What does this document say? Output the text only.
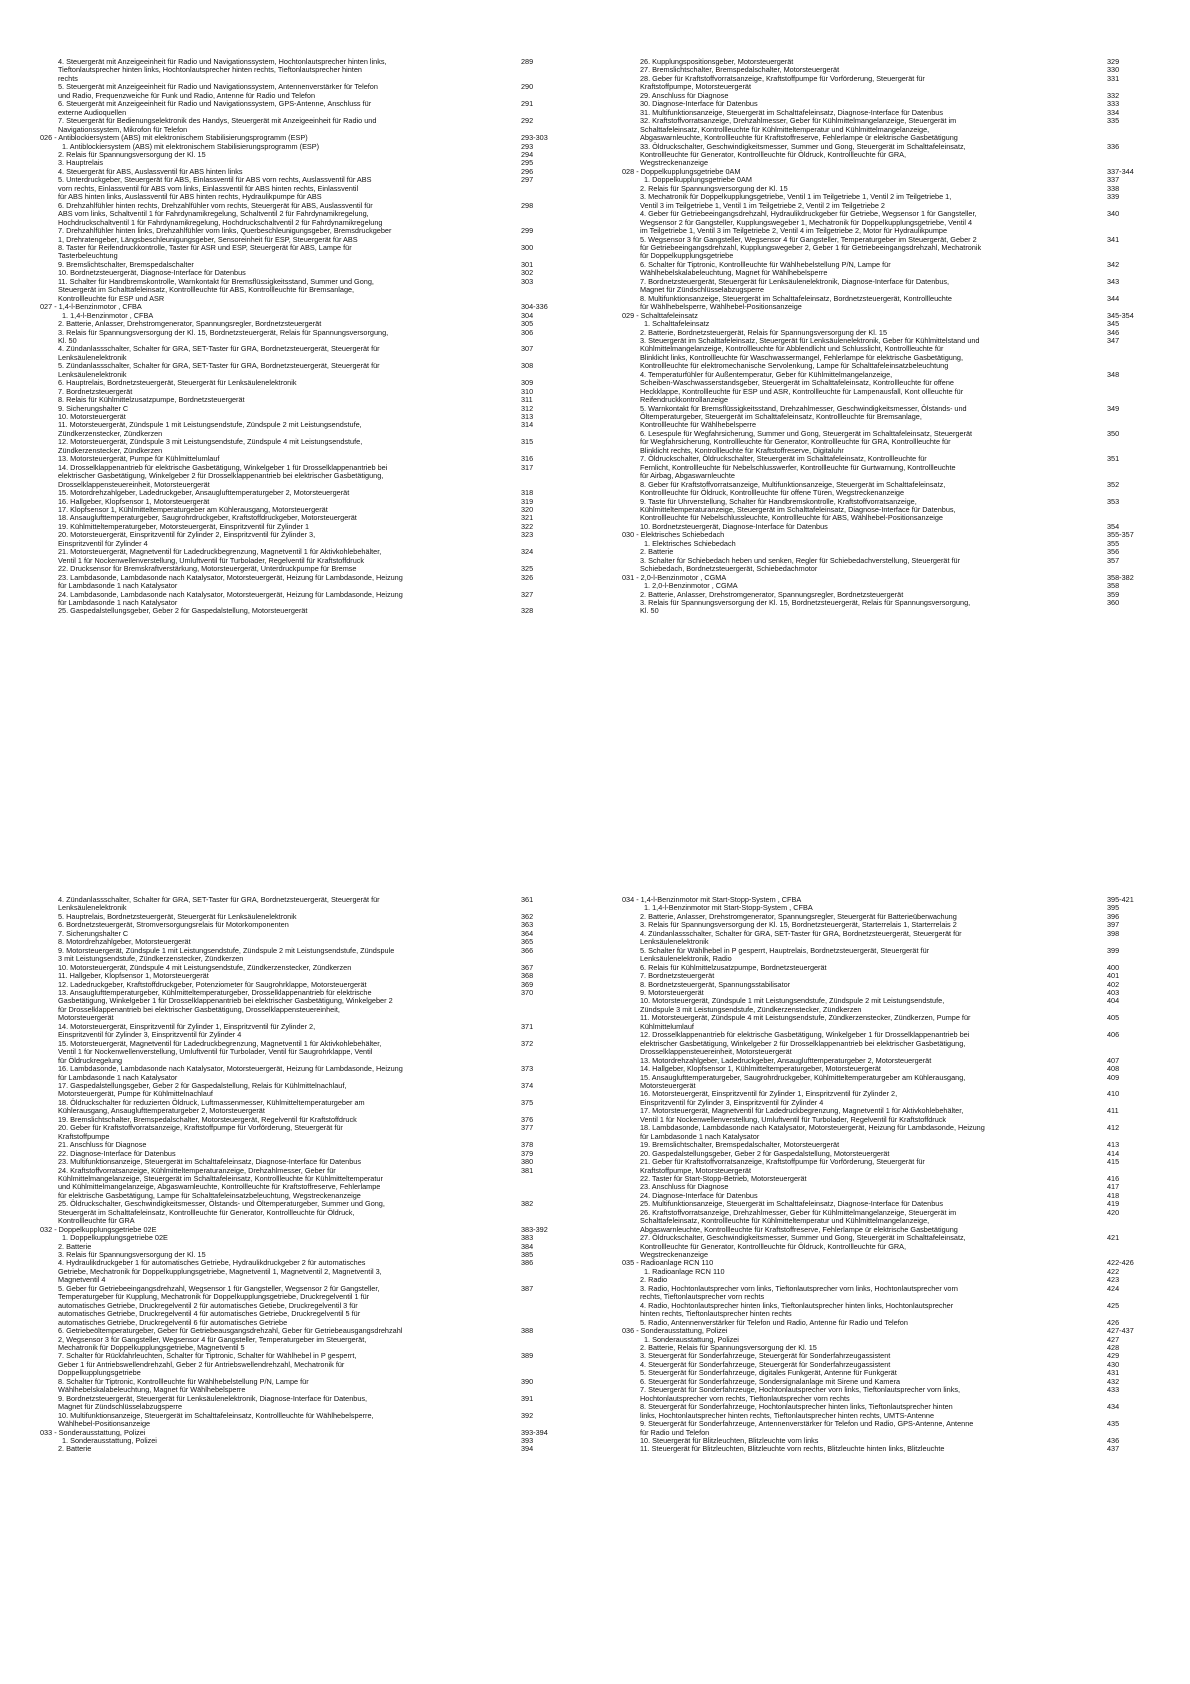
4. Steuergerät mit Anzeigeeinheit für Radio und Navigationssystem, Hochtonlautsprecher hinten links,
Tieftonlautsprecher hinten links, Hochtonlautsprecher hinten rechts, Tieftonlautsprecher hinten
rechts
289
5. Steuergerät mit Anzeigeeinheit für Radio und Navigationssystem, Antennenverstärker für Telefon
und Radio, Frequenzweiche für Funk und Radio, Antenne für Radio und Telefon
290
6. Steuergerät mit Anzeigeeinheit für Radio und Navigationssystem, GPS-Antenne, Anschluss für
externe Audioquellen
291
7. Steuergerät für Bedienungselektronik des Handys, Steuergerät mit Anzeigeeinheit für Radio und
Navigationssystem, Mikrofon für Telefon
292
026 - Antiblockiersystem (ABS) mit elektronischem Stabilisierungsprogramm (ESP)	293-303
1. Antiblockiersystem (ABS) mit elektronischem Stabilisierungsprogramm (ESP)	293
2. Relais für Spannungsversorgung der Kl. 15	294
3. Hauptrelais	295
4. Steuergerät für ABS, Auslassventil für ABS hinten links	296
5. Unterdruckgeber, Steuergerät für ABS, Einlassventil für ABS vorn rechts, Auslassventil für ABS
vorn rechts, Einlassventil für ABS vorn links, Einlassventil für ABS hinten rechts, Einlassventil
für ABS hinten links, Auslassventil für ABS hinten rechts, Hydraulikpumpe für ABS
297
6. Drehzahlfühler hinten rechts, Drehzahlfühler vorn rechts, Steuergerät für ABS, Auslassventil für
ABS vorn links, Schaltventil 1 für Fahrdynamikregelung, Schaltventil 2 für Fahrdynamikregelung,
Hochdruckschaltventil 1 für Fahrdynamikregelung, Hochdruckschaltventil 2 für Fahrdynamikregelung
298
7. Drehzahlfühler hinten links, Drehzahlfühler vorn links, Querbeschleunigungsgeber, Bremsdruckgeber
1, Drehratengeber, Längsbeschleunigungsgeber, Sensoreinheit für ESP, Steuergerät für ABS
299
8. Taster für Reifendruckkontrolle, Taster für ASR und ESP, Steuergerät für ABS, Lampe für
Tasterbeleuchtung
300
9. Bremslichtschalter, Bremspedalschalter	301
10. Bordnetzsteuergerät, Diagnose-Interface für Datenbus	302
11. Schalter für Handbremskontrolle, Warnkontakt für Bremsflüssigkeitsstand, Summer und Gong,
Steuergerät im Schalttafeleinsatz, Kontrollleuchte für ABS, Kontrollleuchte für Bremsanlage,
Kontrollleuchte für ESP und ASR
303
027 - 1,4-l-Benzinmotor , CFBA	304-336
1. 1,4-l-Benzinmotor , CFBA	304
2. Batterie, Anlasser, Drehstromgenerator, Spannungsregler, Bordnetzsteuergerät	305
3. Relais für Spannungsversorgung der Kl. 15, Bordnetzsteuergerät, Relais für Spannungsversorgung,
Kl. 50
306
4. Zündanlassschalter, Schalter für GRA, SET-Taster für GRA, Bordnetzsteuergerät, Steuergerät für
Lenksäulenelektronik
307
5. Zündanlassschalter, Schalter für GRA, SET-Taster für GRA, Bordnetzsteuergerät, Steuergerät für
Lenksäulenelektronik
308
6. Hauptrelais, Bordnetzsteuergerät, Steuergerät für Lenksäulenelektronik	309
7. Bordnetzsteuergerät	310
8. Relais für Kühlmittelzusatzpumpe, Bordnetzsteuergerät	311
9. Sicherungshalter C	312
10. Motorsteuergerät	313
11. Motorsteuergerät, Zündspule 1 mit Leistungsendstufe, Zündspule 2 mit Leistungsendstufe,
Zündkerzenstecker, Zündkerzen
314
12. Motorsteuergerät, Zündspule 3 mit Leistungsendstufe, Zündspule 4 mit Leistungsendstufe,
Zündkerzenstecker, Zündkerzen
315
13. Motorsteuergerät, Pumpe für Kühlmittelumlauf	316
14. Drosselklappenantrieb für elektrische Gasbetätigung, Winkelgeber 1 für Drosselklappenantrieb bei
elektrischer Gasbetätigung, Winkelgeber 2 für Drosselklappenantrieb bei elektrischer Gasbetätigung,
Drosselklappensteuereinheit, Motorsteuergerät
317
15. Motordrehzahlgeber, Ladedruckgeber, Ansauglufttemperaturgeber 2, Motorsteuergerät	318
16. Hallgeber, Klopfsensor 1, Motorsteuergerät	319
17. Klopfsensor 1, Kühlmitteltemperaturgeber am Kühlerausgang, Motorsteuergerät	320
18. Ansauglufttemperaturgeber, Saugrohrdruckgeber, Kraftstoffdruckgeber, Motorsteuergerät	321
19. Kühlmitteltemperaturgeber, Motorsteuergerät, Einspritzventil für Zylinder 1	322
20. Motorsteuergerät, Einspritzventil für Zylinder 2, Einspritzventil für Zylinder 3,
Einspritzventil für Zylinder 4
323
21. Motorsteuergerät, Magnetventil für Ladedruckbegrenzung, Magnetventil 1 für Aktivkohlebehälter,
Ventil 1 für Nockenwellenverstellung, Umluftventil für Turbolader, Regelventil für Kraftstoffdruck
324
22. Drucksensor für Bremskraftverstärkung, Motorsteuergerät, Unterdruckpumpe für Bremse	325
23. Lambdasonde, Lambdasonde nach Katalysator, Motorsteuergerät, Heizung für Lambdasonde, Heizung
für Lambdasonde 1 nach Katalysator
326
24. Lambdasonde, Lambdasonde nach Katalysator, Motorsteuergerät, Heizung für Lambdasonde, Heizung
für Lambdasonde 1 nach Katalysator
327
25. Gaspedalstellungsgeber, Geber 2 für Gaspedalstellung, Motorsteuergerät	328
26. Kupplungspositionsgeber, Motorsteuergerät	329
27. Bremslichtschalter, Bremspedalschalter, Motorsteuergerät	330
28. Geber für Kraftstoffvorratsanzeige, Kraftstoffpumpe für Vorförderung, Steuergerät für
Kraftstoffpumpe, Motorsteuergerät
331
29. Anschluss für Diagnose	332
30. Diagnose-Interface für Datenbus	333
31. Multifunktionsanzeige, Steuergerät im Schalttafeleinsatz, Diagnose-Interface für Datenbus	334
32. Kraftstoffvorratsanzeige, Drehzahlmesser, Geber für Kühlmittelmangelanzeige, Steuergerät im
Schalttafeleinsatz, Kontrollleuchte für Kühlmitteltemperatur und Kühlmittelmangelanzeige,
Abgaswarnleuchte, Kontrollleuchte für Kraftstoffreserve, Fehlerlampe ür elektrische Gasbetätigung
335
33. Öldruckschalter, Geschwindigkeitsmesser, Summer und Gong, Steuergerät im Schalttafeleinsatz,
Kontrollleuchte für Generator, Kontrollleuchte für Öldruck, Kontrollleuchte für GRA,
Wegstreckenanzeige
336
028 - Doppelkupplungsgetriebe 0AM	337-344
1. Doppelkupplungsgetriebe 0AM	337
2. Relais für Spannungsversorgung der Kl. 15	338
3. Mechatronik für Doppelkupplungsgetriebe, Ventil 1 im Teilgetriebe 1, Ventil 2 im Teilgetriebe 1,
Ventil 3 im Teilgetriebe 1, Ventil 1 im Teilgetriebe 2, Ventil 2 im Teilgetriebe 2
339
4. Geber für Getriebeeingangsdrehzahl, Hydraulikdruckgeber für Getriebe, Wegsensor 1 für Gangsteller,
Wegsensor 2 für Gangsteller, Kupplungswegeber 1, Mechatronik für Doppelkupplungsgetriebe, Ventil 4
im Teilgetriebe 1, Ventil 3 im Teilgetriebe 2, Ventil 4 im Teilgetriebe 2, Motor für Hydraulikpumpe
340
5. Wegsensor 3 für Gangsteller, Wegsensor 4 für Gangsteller, Temperaturgeber im Steuergerät, Geber 2
für Getriebeeingangsdrehzahl, Kupplungswegeber 2, Geber 1 für Getriebeeingangsdrehzahl, Mechatronik
für Doppelkupplungsgetriebe
341
6. Schalter für Tiptronic, Kontrollleuchte für Wählhebelstellung P/N, Lampe für
Wählhebelskalabeleuchtung, Magnet für Wählhebelsperre
342
7. Bordnetzsteuergerät, Steuergerät für Lenksäulenelektronik, Diagnose-Interface für Datenbus,
Magnet für Zündschlüsselabzugsperre
343
8. Multifunktionsanzeige, Steuergerät im Schalttafeleinsatz, Bordnetzsteuergerät, Kontrollleuchte
für Wählhebelsperre, Wählhebel-Positionsanzeige
344
029 - Schalttafeleinsatz	345-354
1. Schalttafeleinsatz	345
2. Batterie, Bordnetzsteuergerät, Relais für Spannungsversorgung der Kl. 15	346
3. Steuergerät im Schalttafeleinsatz, Steuergerät für Lenksäulenelektronik, Geber für Kühlmittelstand und
Kühlmittelmangelanzeige, Kontrollleuchte für Abblendlicht und Schlusslicht, Kontrollleuchte für
Blinklicht links, Kontrollleuchte für Waschwassermangel, Fehlerlampe für elektrische Gasbetätigung,
Kontrollleuchte für elektromechanische Servolenkung, Lampe für Schalttafeleinsatzbeleuchtung
347
4. Temperaturfühler für Außentemperatur, Geber für Kühlmittelmangelanzeige,
Scheiben-Waschwasserstandsgeber, Steuergerät im Schalttafeleinsatz, Kontrollleuchte für offene
Heckklappe, Kontrollleuchte für ESP und ASR, Kontrollleuchte für Lampenausfall, Kont ollleuchte für
Reifendruckkontrollanzeige
348
5. Warnkontakt für Bremsflüssigkeitsstand, Drehzahlmesser, Geschwindigkeitsmesser, Ölstands- und
Öltemperaturgeber, Steuergerät im Schalttafeleinsatz, Kontrollleuchte für Bremsanlage,
Kontrollleuchte für Wählhebelsperre
349
6. Lesespule für Wegfahrsicherung, Summer und Gong, Steuergerät im Schalttafeleinsatz, Steuergerät
für Wegfahrsicherung, Kontrollleuchte für Generator, Kontrollleuchte für GRA, Kontrollleuchte für
Blinklicht rechts, Kontrollleuchte für Kraftstoffreserve, Digitaluhr
350
7. Öldruckschalter, Öldruckschalter, Steuergerät im Schalttafeleinsatz, Kontrollleuchte für
Fernlicht, Kontrollleuchte für Nebelschlusswerfer, Kontrollleuchte für Gurtwarnung, Kontrollleuchte
für Airbag, Abgaswarnleuchte
351
8. Geber für Kraftstoffvorratsanzeige, Multifunktionsanzeige, Steuergerät im Schalttafeleinsatz,
Kontrollleuchte für Öldruck, Kontrollleuchte für offene Türen, Wegstreckenanzeige
352
9. Taste für Uhrverstellung, Schalter für Handbremskontrolle, Kraftstoffvorratsanzeige,
Kühlmitteltemperaturanzeige, Steuergerät im Schalttafeleinsatz, Diagnose-Interface für Datenbus,
Kontrollleuchte für Nebelschlussleuchte, Kontrollleuchte für ABS, Wählhebel-Positionsanzeige
353
10. Bordnetzsteuergerät, Diagnose-Interface für Datenbus	354
030 - Elektrisches Schiebedach	355-357
1. Elektrisches Schiebedach	355
2. Batterie	356
3. Schalter für Schiebedach heben und senken, Regler für Schiebedachverstellung, Steuergerät für
Schiebedach, Bordnetzsteuergerät, Schiebedachmotor
357
031 - 2,0-l-Benzinmotor , CGMA	358-382
1. 2,0-l-Benzinmotor , CGMA	358
2. Batterie, Anlasser, Drehstromgenerator, Spannungsregler, Bordnetzsteuergerät	359
3. Relais für Spannungsversorgung der Kl. 15, Bordnetzsteuergerät, Relais für Spannungsversorgung,
Kl. 50
360
4. Zündanlassschalter, Schalter für GRA, SET-Taster für GRA, Bordnetzsteuergerät, Steuergerät für
Lenksäulenelektronik
361
5. Hauptrelais, Bordnetzsteuergerät, Steuergerät für Lenksäulenelektronik	362
6. Bordnetzsteuergerät, Stromversorgungsrelais für Motorkomponenten	363
7. Sicherungshalter C	364
8. Motordrehzahlgeber, Motorsteuergerät	365
9. Motorsteuergerät, Zündspule 1 mit Leistungsendstufe, Zündspule 2 mit Leistungsendstufe, Zündspule
3 mit Leistungsendstufe, Zündkerzenstecker, Zündkerzen
366
10. Motorsteuergerät, Zündspule 4 mit Leistungsendstufe, Zündkerzenstecker, Zündkerzen	367
11. Hallgeber, Klopfsensor 1, Motorsteuergerät	368
12. Ladedruckgeber, Kraftstoffdruckgeber, Potenziometer für Saugrohrklappe, Motorsteuergerät	369
13. Ansauglufttemperaturgeber, Kühlmitteltemperaturgeber, Drosselklappenantrieb für elektrische
Gasbetätigung, Winkelgeber 1 für Drosselklappenantrieb bei elektrischer Gasbetätigung, Winkelgeber 2
für Drosselklappenantrieb bei elektrischer Gasbetätigung, Drosselklappensteuereinheit,
Motorsteuergerät
370
14. Motorsteuergerät, Einspritzventil für Zylinder 1, Einspritzventil für Zylinder 2,
Einspritzventil für Zylinder 3, Einspritzventil für Zylinder 4
371
15. Motorsteuergerät, Magnetventil für Ladedruckbegrenzung, Magnetventil 1 für Aktivkohlebehälter,
Ventil 1 für Nockenwellenverstellung, Umluftventil für Turbolader, Ventil für Saugrohrklappe, Ventil
für Öldruckregelung
372
16. Lambdasonde, Lambdasonde nach Katalysator, Motorsteuergerät, Heizung für Lambdasonde, Heizung
für Lambdasonde 1 nach Katalysator
373
17. Gaspedalstellungsgeber, Geber 2 für Gaspedalstellung, Relais für Kühlmittelnachlauf,
Motorsteuergerät, Pumpe für Kühlmittelnachlauf
374
18. Öldruckschalter für reduzierten Öldruck, Luftmassenmesser, Kühlmitteltemperaturgeber am
Kühlerausgang, Ansauglufttemperaturgeber 2, Motorsteuergerät
375
19. Bremslichtschalter, Bremspedalschalter, Motorsteuergerät, Regelventil für Kraftstoffdruck	376
20. Geber für Kraftstoffvorratsanzeige, Kraftstoffpumpe für Vorförderung, Steuergerät für
Kraftstoffpumpe
377
21. Anschluss für Diagnose	378
22. Diagnose-Interface für Datenbus	379
23. Multifunktionsanzeige, Steuergerät im Schalttafeleinsatz, Diagnose-Interface für Datenbus	380
24. Kraftstoffvorratsanzeige, Kühlmitteltemperaturanzeige, Drehzahlmesser, Geber für
Kühlmittelmangelanzeige, Steuergerät im Schalttafeleinsatz, Kontrollleuchte für Kühlmitteltemperatur
und Kühlmittelmangelanzeige, Abgaswarnleuchte, Kontrollleuchte für Kraftstoffreserve, Fehlerlampe
für elektrische Gasbetätigung, Lampe für Schalttafeleinsatzbeleuchtung, Wegstreckenanzeige
381
25. Öldruckschalter, Geschwindigkeitsmesser, Ölstands- und Öltemperaturgeber, Summer und Gong,
Steuergerät im Schalttafeleinsatz, Kontrollleuchte für Generator, Kontrollleuchte für Öldruck,
Kontrollleuchte für GRA
382
032 - Doppelkupplungsgetriebe 02E	383-392
1. Doppelkupplungsgetriebe 02E	383
2. Batterie	384
3. Relais für Spannungsversorgung der Kl. 15	385
4. Hydraulikdruckgeber 1 für automatisches Getriebe, Hydraulikdruckgeber 2 für automatisches
Getriebe, Mechatronik für Doppelkupplungsgetriebe, Magnetventil 1, Magnetventil 2, Magnetventil 3,
Magnetventil 4
386
5. Geber für Getriebeeingangsdrehzahl, Wegsensor 1 für Gangsteller, Wegsensor 2 für Gangsteller,
Temperaturgeber für Kupplung, Mechatronik für Doppelkupplungsgetriebe, Druckregelventil 1 für
automatisches Getriebe, Druckregelventil 2 für automatisches Getiebe, Druckregelventil 3 für
automatisches Getriebe, Druckregelventil 4 für automatisches Getriebe, Druckregelventil 5 für
automatisches Getriebe, Druckregelventil 6 für automatisches Getriebe
387
6. Getriebeöltemperaturgeber, Geber für Getriebeausgangsdrehzahl, Geber für Getriebeausgangsdrehzahl
2, Wegsensor 3 für Gangsteller, Wegsensor 4 für Gangsteller, Temperaturgeber im Steuergerät,
Mechatronik für Doppelkupplungsgetriebe, Magnetventil 5
388
7. Schalter für Rückfahrleuchten, Schalter für Tiptronic, Schalter für Wählhebel in P gesperrt,
Geber 1 für Antriebswellendrehzahl, Geber 2 für Antriebswellendrehzahl, Mechatronik für
Doppelkupplungsgetriebe
389
8. Schalter für Tiptronic, Kontrollleuchte für Wählhebelstellung P/N, Lampe für
Wählhebelskalabeleuchtung, Magnet für Wählhebelsperre
390
9. Bordnetzsteuergerät, Steuergerät für Lenksäulenelektronik, Diagnose-Interface für Datenbus,
Magnet für Zündschlüsselabzugsperre
391
10. Multifunktionsanzeige, Steuergerät im Schalttafeleinsatz, Kontrollleuchte für Wählhebelsperre,
Wählhebel-Positionsanzeige
392
033 - Sonderausstattung, Polizei	393-394
1. Sonderausstattung, Polizei	393
2. Batterie	394
034 - 1,4-l-Benzinmotor mit Start-Stopp-System , CFBA	395-421
1. 1,4-l-Benzinmotor mit Start-Stopp-System , CFBA	395
2. Batterie, Anlasser, Drehstromgenerator, Spannungsregler, Steuergerät für Batterieüberwachung	396
3. Relais für Spannungsversorgung der Kl. 15, Bordnetzsteuergerät, Starterrelais 1, Starterrelais 2	397
4. Zündanlassschalter, Schalter für GRA, SET-Taster für GRA, Bordnetzsteuergerät, Steuergerät für
Lenksäulenelektronik
398
5. Schalter für Wählhebel in P gesperrt, Hauptrelais, Bordnetzsteuergerät, Steuergerät für
Lenksäulenelektronik, Radio
399
6. Relais für Kühlmittelzusatzpumpe, Bordnetzsteuergerät	400
7. Bordnetzsteuergerät	401
8. Bordnetzsteuergerät, Spannungsstabilisator	402
9. Motorsteuergerät	403
10. Motorsteuergerät, Zündspule 1 mit Leistungsendstufe, Zündspule 2 mit Leistungsendstufe,
Zündspule 3 mit Leistungsendstufe, Zündkerzenstecker, Zündkerzen
404
11. Motorsteuergerät, Zündspule 4 mit Leistungsendstufe, Zündkerzenstecker, Zündkerzen, Pumpe für
Kühlmittelumlauf
405
12. Drosselklappenantrieb für elektrische Gasbetätigung, Winkelgeber 1 für Drosselklappenantrieb bei
elektrischer Gasbetätigung, Winkelgeber 2 für Drosselklappenantrieb bei elektrischer Gasbetätigung,
Drosselklappensteuereinheit, Motorsteuergerät
406
13. Motordrehzahlgeber, Ladedruckgeber, Ansauglufttemperaturgeber 2, Motorsteuergerät	407
14. Hallgeber, Klopfsensor 1, Kühlmitteltemperaturgeber, Motorsteuergerät	408
15. Ansauglufttemperaturgeber, Saugrohrdruckgeber, Kühlmitteltemperaturgeber am Kühlerausgang,
Motorsteuergerät
409
16. Motorsteuergerät, Einspritzventil für Zylinder 1, Einspritzventil für Zylinder 2,
Einspritzventil für Zylinder 3, Einspritzventil für Zylinder 4
410
17. Motorsteuergerät, Magnetventil für Ladedruckbegrenzung, Magnetventil 1 für Aktivkohlebehälter,
Ventil 1 für Nockenwellenverstellung, Umluftventil für Turbolader, Regelventil für Kraftstoffdruck
411
18. Lambdasonde, Lambdasonde nach Katalysator, Motorsteuergerät, Heizung für Lambdasonde, Heizung
für Lambdasonde 1 nach Katalysator
412
19. Bremslichtschalter, Bremspedalschalter, Motorsteuergerät	413
20. Gaspedalstellungsgeber, Geber 2 für Gaspedalstellung, Motorsteuergerät	414
21. Geber für Kraftstoffvorratsanzeige, Kraftstoffpumpe für Vorförderung, Steuergerät für
Kraftstoffpumpe, Motorsteuergerät
415
22. Taster für Start-Stopp-Betrieb, Motorsteuergerät	416
23. Anschluss für Diagnose	417
24. Diagnose-Interface für Datenbus	418
25. Multifunktionsanzeige, Steuergerät im Schalttafeleinsatz, Diagnose-Interface für Datenbus	419
26. Kraftstoffvorratsanzeige, Drehzahlmesser, Geber für Kühlmittelmangelanzeige, Steuergerät im
Schalttafeleinsatz, Kontrollleuchte für Kühlmitteltemperatur und Kühlmittelmangelanzeige,
Abgaswarnleuchte, Kontrollleuchte für Kraftstoffreserve, Fehlerlampe ür elektrische Gasbetätigung
420
27. Öldruckschalter, Geschwindigkeitsmesser, Summer und Gong, Steuergerät im Schalttafeleinsatz,
Kontrollleuchte für Generator, Kontrollleuchte für Öldruck, Kontrollleuchte für GRA,
Wegstreckenanzeige
421
035 - Radioanlage RCN 110	422-426
1. Radioanlage RCN 110	422
2. Radio	423
3. Radio, Hochtonlautsprecher vorn links, Tieftonlautsprecher vorn links, Hochtonlautsprecher vorn
rechts, Tieftonlautsprecher vorn rechts
424
4. Radio, Hochtonlautsprecher hinten links, Tieftonlautsprecher hinten links, Hochtonlautsprecher
hinten rechts, Tieftonlautsprecher hinten rechts
425
5. Radio, Antennenverstärker für Telefon und Radio, Antenne für Radio und Telefon	426
036 - Sonderausstattung, Polizei	427-437
1. Sonderausstattung, Polizei	427
2. Batterie, Relais für Spannungsversorgung der Kl. 15	428
3. Steuergerät für Sonderfahrzeuge, Steuergerät für Sonderfahrzeugassistent	429
4. Steuergerät für Sonderfahrzeuge, Steuergerät für Sonderfahrzeugassistent	430
5. Steuergerät für Sonderfahrzeuge, digitales Funkgerät, Antenne für Funkgerät	431
6. Steuergerät für Sonderfahrzeuge, Sondersignalanlage mit Sirene und Kamera	432
7. Steuergerät für Sonderfahrzeuge, Hochtonlautsprecher vorn links, Tieftonlautsprecher vorn links,
Hochtonlautsprecher vorn rechts, Tieftonlautsprecher vorn rechts
433
8. Steuergerät für Sonderfahrzeuge, Hochtonlautsprecher hinten links, Tieftonlautsprecher hinten
links, Hochtonlautsprecher hinten rechts, Tieftonlautsprecher hinten rechts, UMTS-Antenne
434
9. Steuergerät für Sonderfahrzeuge, Antennenverstärker für Telefon und Radio, GPS-Antenne, Antenne
für Radio und Telefon
435
10. Steuergerät für Blitzleuchten, Blitzleuchte vorn links	436
11. Steuergerät für Blitzleuchten, Blitzleuchte vorn rechts, Blitzleuchte hinten links, Blitzleuchte	437
